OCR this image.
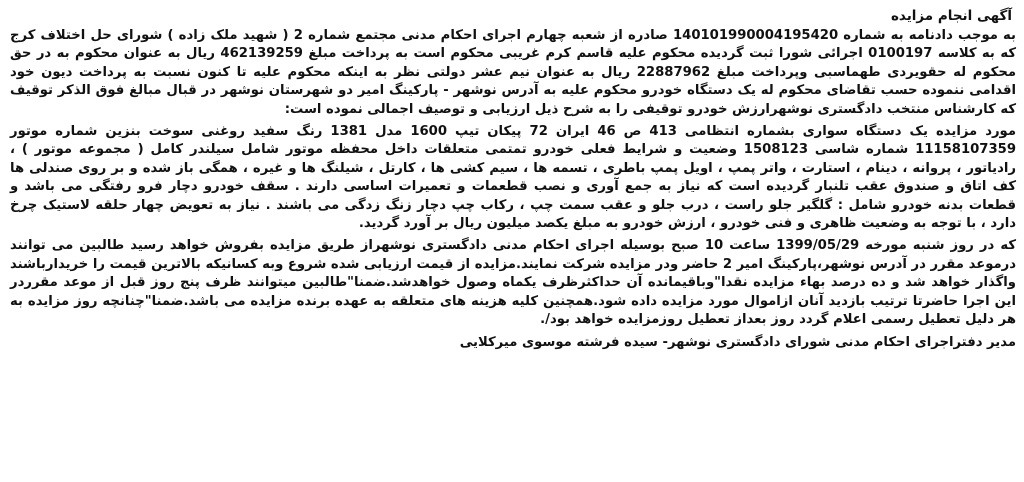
آگهی انجام مزایده

به موجب دادنامه به شماره 140101990004195420 صادره از شعبه چهارم اجرای احکام مدنی مجتمع شماره 2 ( شهید ملک زاده ) شورای حل اختلاف کرج که به کلاسه 0100197 اجرائی شورا ثبت گردیده محکوم علیه قاسم کرم غریبی محکوم است به پرداخت مبلغ 462139259 ریال به عنوان محکوم به در حق محکوم له حقویردی طهماسبی وپرداخت مبلغ 22887962 ریال به عنوان نیم عشر دولتی نظر به اینکه محکوم علیه تا کنون نسبت به پرداخت دیون خود اقدامی ننموده حسب تقاضای محکوم له یک دستگاه خودرو محکوم علیه به آدرس نوشهر - پارکینگ امیر دو شهرستان نوشهر در قبال مبالغ فوق الذکر توقیف که کارشناس منتخب دادگستری نوشهرارزش خودرو توقیفی را به شرح ذیل ارزیابی و توصیف اجمالی نموده است:

مورد مزایده یک دستگاه سواری بشماره انتظامی 413 ص 46 ایران 72 پیکان تیپ 1600 مدل 1381 رنگ سفید روغنی سوخت بنزین شماره موتور 11158107359 شماره شاسی 1508123 وضعیت و شرایط فعلی خودرو تمتمی متعلقات داخل محفظه موتور شامل سیلندر کامل ( مجموعه موتور ) ، رادیاتور ، پروانه ، دینام ، استارت ، واتر پمپ ، اویل پمپ باطری ، تسمه ها ، سیم کشی ها ، کارتل ، شیلنگ ها و غیره ، همگی باز شده و بر روی صندلی ها کف اتاق و صندوق عقب تلنبار گردیده است که نیاز به جمع آوری و نصب قطعمات و تعمیرات اساسی دارند . سقف خودرو دچار فرو رفتگی می باشد و قطعات بدنه خودرو شامل : گلگیر جلو راست ، درب جلو و عقب سمت چپ ، رکاب چپ دچار زنگ زدگی می باشند . نیاز به تعویض چهار حلقه لاستیک چرخ دارد ، با توجه به وضعیت ظاهری و فنی خودرو ، ارزش خودرو به مبلغ یکصد میلیون ریال بر آورد گردید.

که در روز شنبه مورخه 1399/05/29 ساعت 10 صبح بوسیله اجرای احکام مدنی دادگستری نوشهراز طریق مزایده بفروش خواهد رسید طالبین می توانند درموعد مقرر در آدرس نوشهر،پارکینگ امیر 2 حاضر ودر مزایده شرکت نمایند.مزایده از قیمت ارزیابی شده شروع وبه کسانیکه بالاترین قیمت را خریدارباشند واگذار خواهد شد و ده درصد بهاء مزایده نقدا"وباقیمانده آن حداکثرظرف یکماه وصول خواهدشد.ضمنا"طالبین میتوانند ظرف پنج روز قبل از موعد مقرردر این اجرا حاضرتا ترتیب بازدید آنان ازاموال مورد مزایده داده شود.همچنین کلیه هزینه های متعلقه به عهده برنده مزایده می باشد.ضمنا"چنانچه روز مزایده به هر دلیل تعطیل رسمی اعلام گردد روز بعداز تعطیل روزمزایده خواهد بود/.

مدیر دفتراجرای احکام مدنی شورای دادگستری نوشهر- سیده فرشته موسوی میرکلایی
